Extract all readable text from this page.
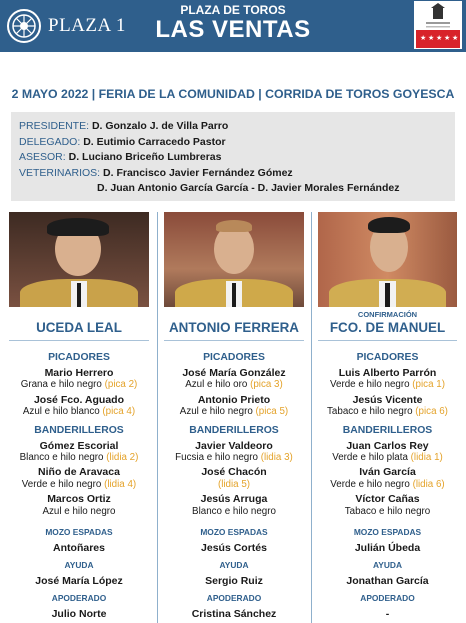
PLAZA 1
PLAZA DE TOROS
LAS VENTAS	★ ★ ★ ★ ★
2 MAYO 2022 | FERIA DE LA COMUNIDAD | CORRIDA DE TOROS GOYESCA
PRESIDENTE: D. Gonzalo J. de Villa Parro
DELEGADO: D. Eutimio Carracedo Pastor
ASESOR: D. Luciano Briceño Lumbreras
VETERINARIOS: D. Francisco Javier Fernández Gómez
D. Juan Antonio García García - D. Javier Morales Fernández
UCEDA LEAL
PICADORES
Mario Herrero
Grana e hilo negro (pica 2)
José Fco. Aguado
Azul e hilo blanco (pica 4)
BANDERILLEROS
Gómez Escorial
Blanco e hilo negro (lidia 2)
Niño de Aravaca
Verde e hilo negro (lidia 4)
Marcos Ortiz
Azul e hilo negro
MOZO ESPADAS
Antoñares
AYUDA
José María López
APODERADO
Julio Norte
ANTONIO FERRERA
PICADORES
José María González
Azul e hilo oro (pica 3)
Antonio Prieto
Azul e hilo negro (pica 5)
BANDERILLEROS
Javier Valdeoro
Fucsia e hilo negro (lidia 3)
José Chacón
(lidia 5)
Jesús Arruga
Blanco e hilo negro
MOZO ESPADAS
Jesús Cortés
AYUDA
Sergio Ruiz
APODERADO
Cristina Sánchez
CONFIRMACIÓN
FCO. DE MANUEL
PICADORES
Luis Alberto Parrón
Verde e hilo negro (pica 1)
Jesús Vicente
Tabaco e hilo negro (pica 6)
BANDERILLEROS
Juan Carlos Rey
Verde e hilo plata (lidia 1)
Iván García
Verde e hilo negro (lidia 6)
Víctor Cañas
Tabaco e hilo negro
MOZO ESPADAS
Julián Úbeda
AYUDA
Jonathan García
APODERADO
-
